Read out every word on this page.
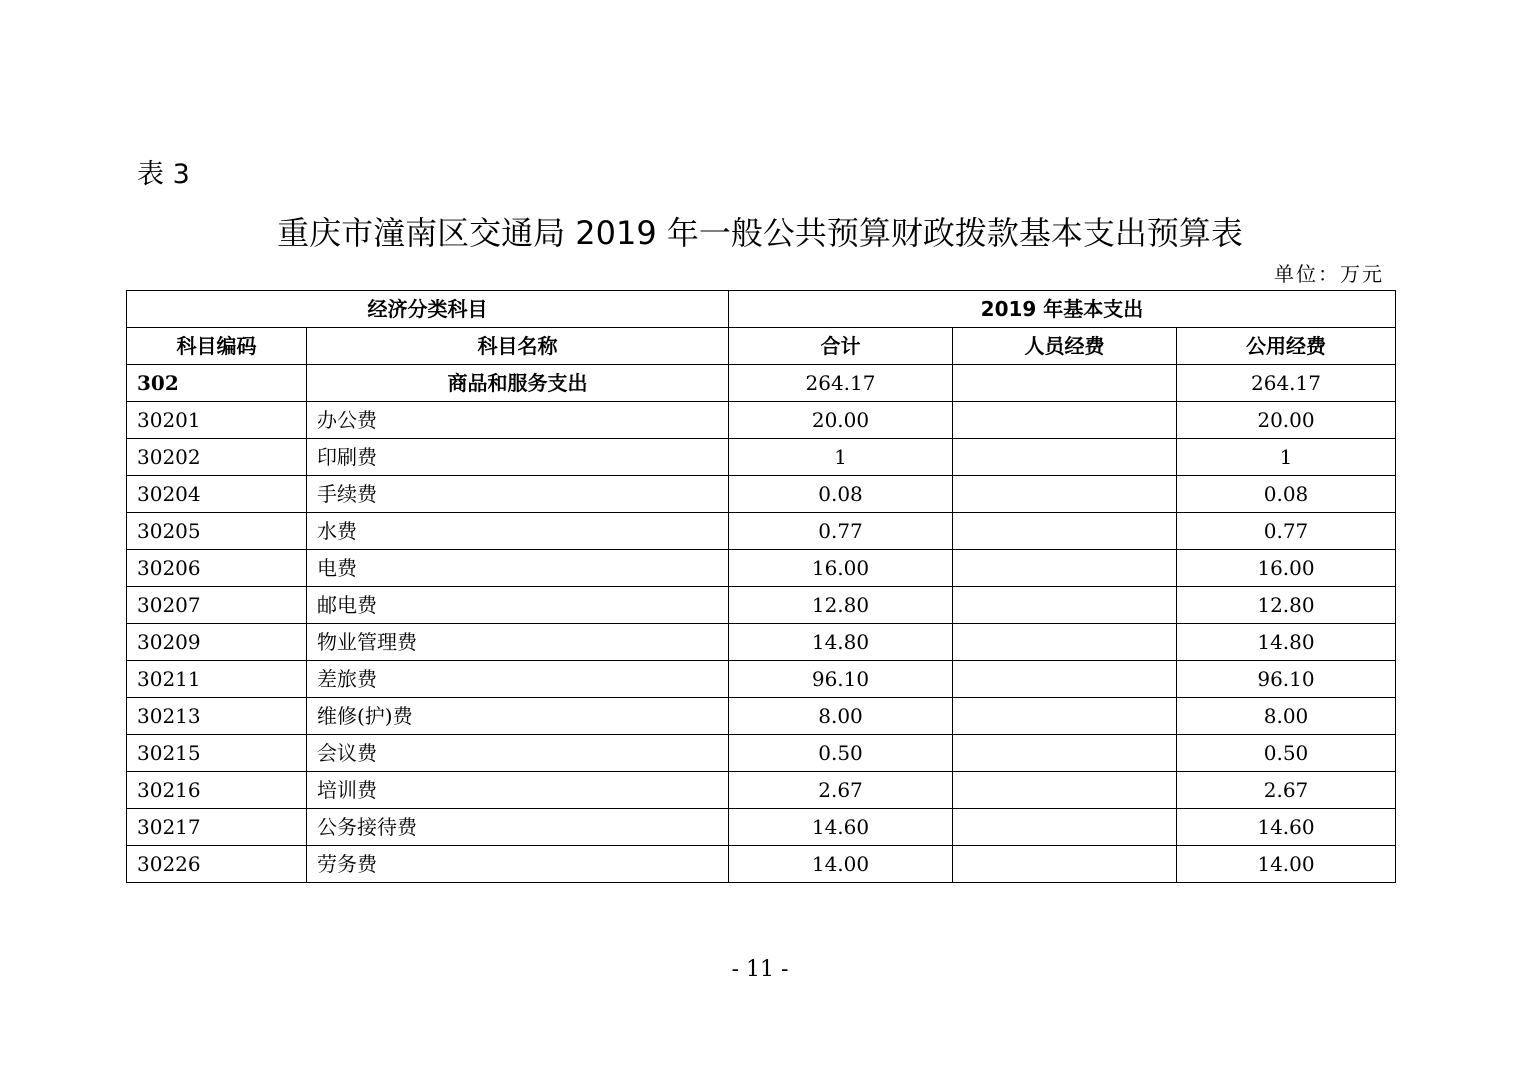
表 3
重庆市潼南区交通局 2019 年一般公共预算财政拨款基本支出预算表
单位：万元
经济分类科目		2019 年基本支出		
科目编码	科目名称	合计	人员经费	公用经费
302	商品和服务支出	264.17		264.17
30201	办公费	20.00		20.00
30202	印刷费	1		1
30204	手续费	0.08		0.08
30205	水费	0.77		0.77
30206	电费	16.00		16.00
30207	邮电费	12.80		12.80
30209	物业管理费	14.80		14.80
30211	差旅费	96.10		96.10
30213	维修(护)费	8.00		8.00
30215	会议费	0.50		0.50
30216	培训费	2.67		2.67
30217	公务接待费	14.60		14.60
30226	劳务费	14.00		14.00
- 11 -
